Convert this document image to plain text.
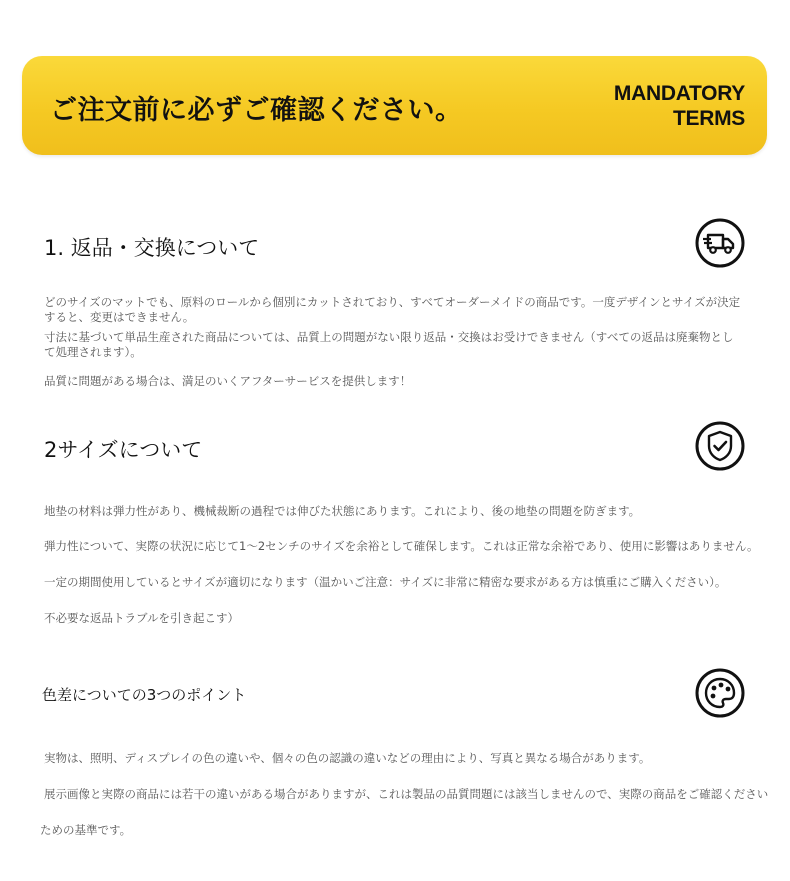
ご注文前に必ずご確認ください。
MANDATORY
TERMS
1. 返品・交換について
どのサイズのマットでも、原料のロールから個別にカットされており、すべてオーダーメイドの商品です。一度デザインとサイズが決定すると、変更はできません。
寸法に基づいて単品生産された商品については、品質上の問題がない限り返品・交換はお受けできません（すべての返品は廃棄物として処理されます）。
品質に問題がある場合は、満足のいくアフターサービスを提供します！
2サイズについて
地垫の材料は弾力性があり、機械裁断の過程では伸びた状態にあります。これにより、後の地垫の問題を防ぎます。
弾力性について、実際の状況に応じて1～2センチのサイズを余裕として確保します。これは正常な余裕であり、使用に影響はありません。
一定の期間使用しているとサイズが適切になります（温かいご注意：サイズに非常に精密な要求がある方は慎重にご購入ください）。
不必要な返品トラブルを引き起こす）
色差についての3つのポイント
実物は、照明、ディスプレイの色の違いや、個々の色の認識の違いなどの理由により、写真と異なる場合があります。
展示画像と実際の商品には若干の違いがある場合がありますが、これは製品の品質問題には該当しませんので、実際の商品をご確認ください
ための基準です。
